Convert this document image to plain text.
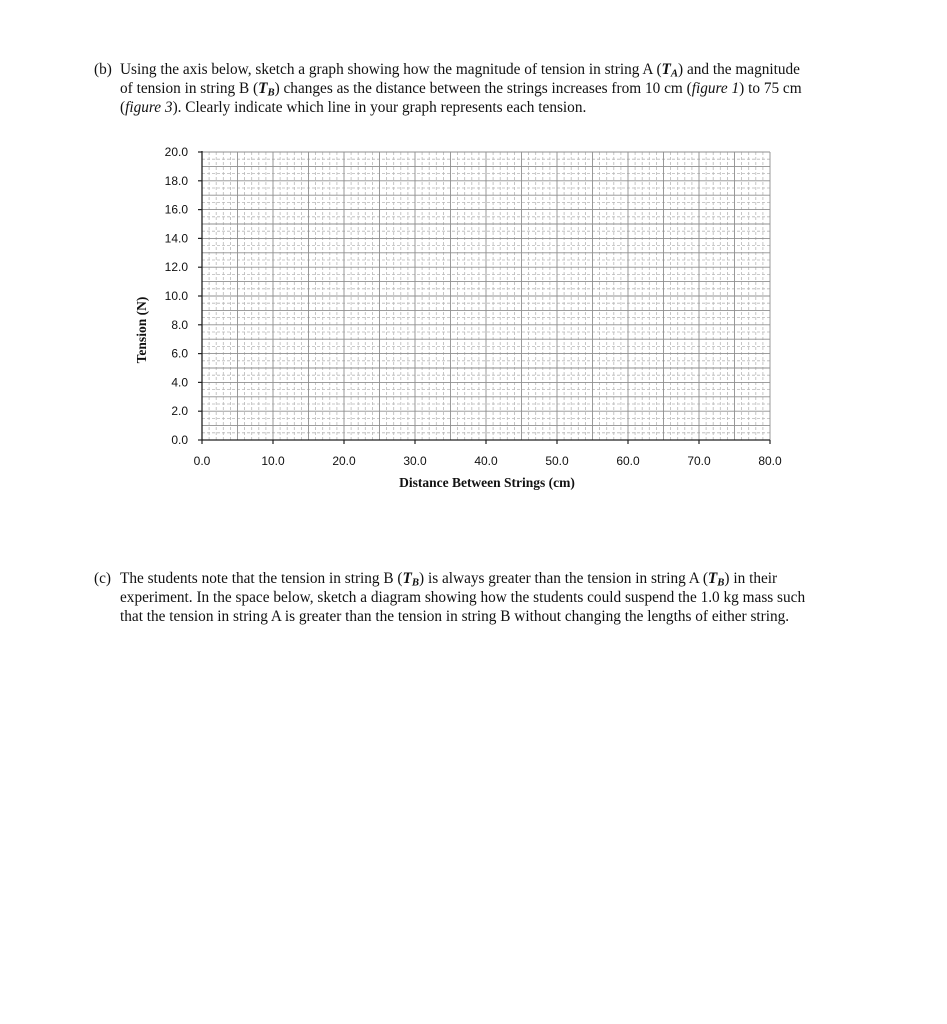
(b) Using the axis below, sketch a graph showing how the magnitude of tension in string A $(T_A)$ and the magnitude of tension in string B $(T_B)$ changes as the distance between the strings increases from 10 cm (figure 1) to 75 cm (figure 3). Clearly indicate which line in your graph represents each tension.
0.0
2.0
4.0
6.0
8.0
10.0
12.0
14.0
16.0
18.0
20.0
0.0	10.0	20.0	30.0	40.0	50.0	60.0	70.0	80.0
Distance Between Strings (cm)
Tension (N)
(c) The students note that the tension in string B $(T_B)$ is always greater than the tension in string A $(T_B)$ in their experiment. In the space below, sketch a diagram showing how the students could suspend the 1.0 kg mass such that the tension in string A is greater than the tension in string B without changing the lengths of either string.
